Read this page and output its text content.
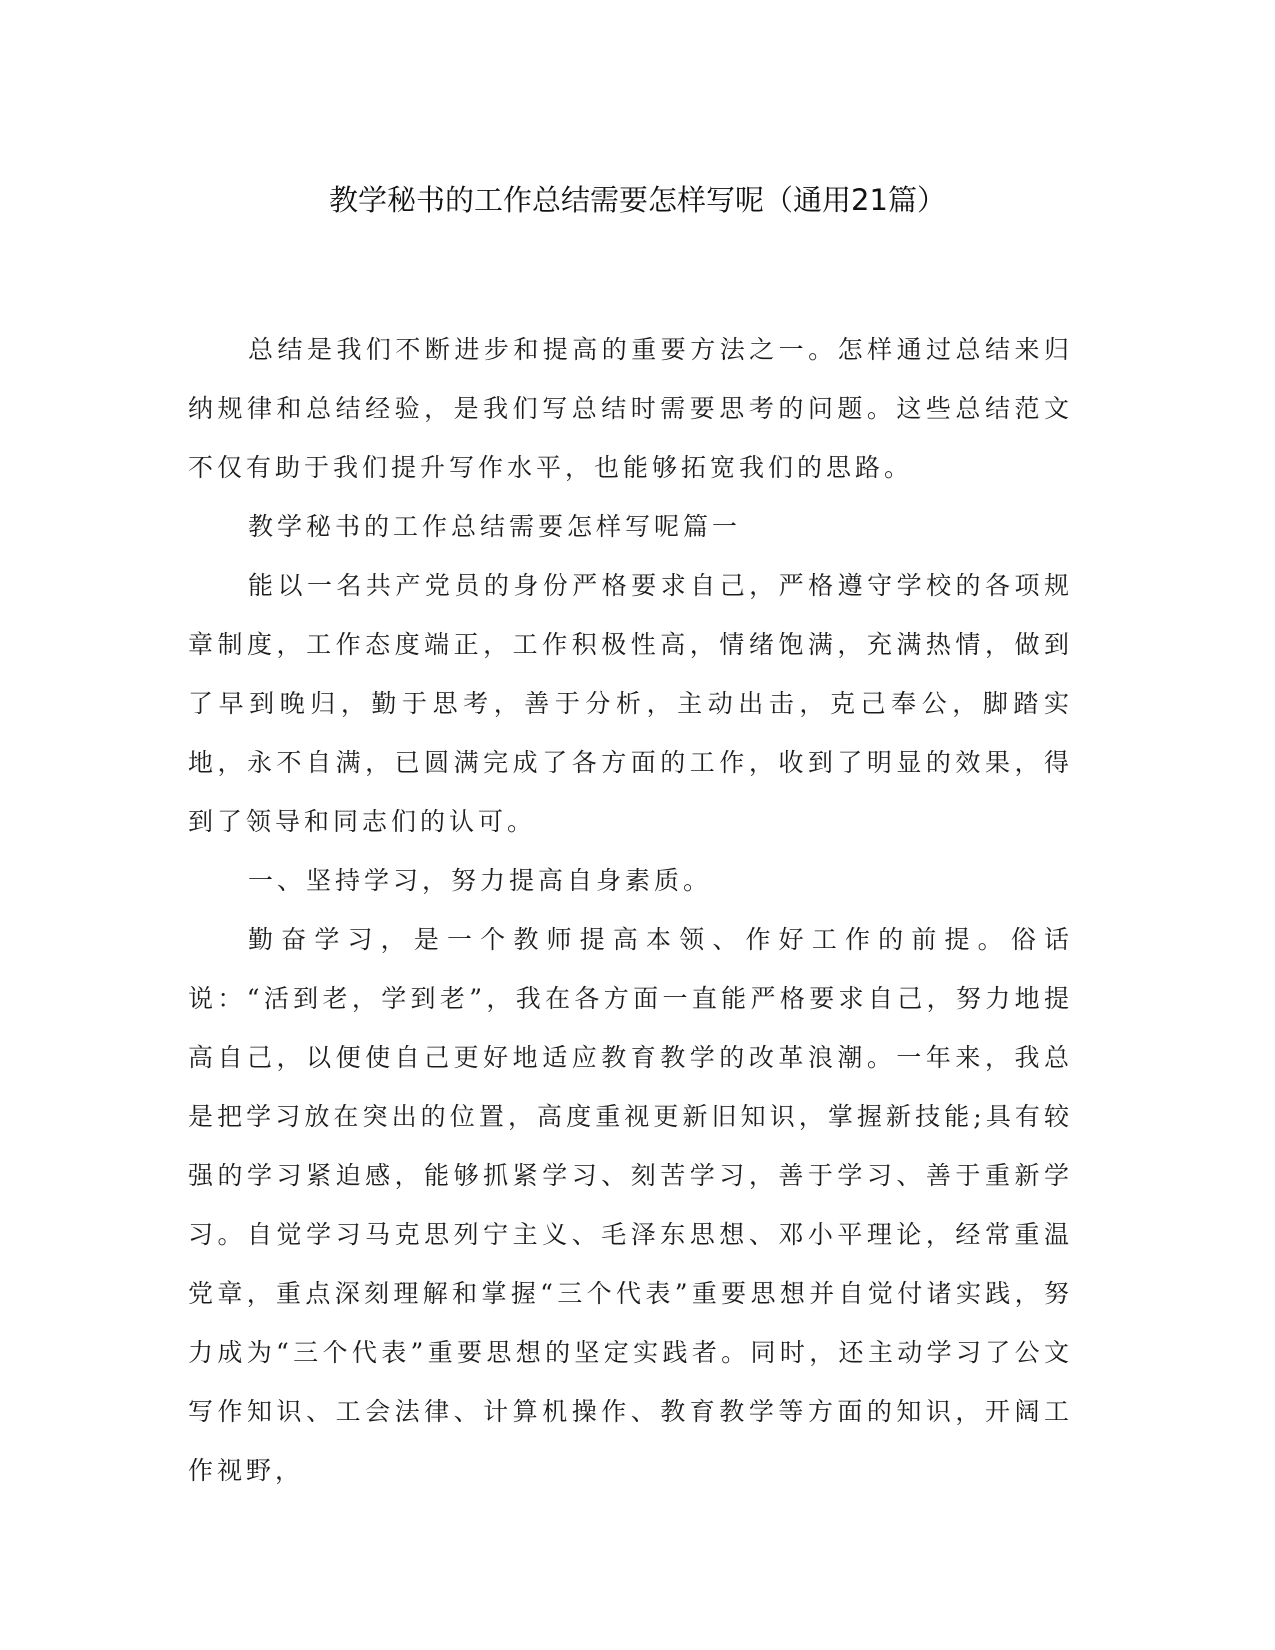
教学秘书的工作总结需要怎样写呢（通用21篇）

总结是我们不断进步和提高的重要方法之一。怎样通过总结来归纳规律和总结经验，是我们写总结时需要思考的问题。这些总结范文不仅有助于我们提升写作水平，也能够拓宽我们的思路。

教学秘书的工作总结需要怎样写呢篇一

能以一名共产党员的身份严格要求自己，严格遵守学校的各项规章制度，工作态度端正，工作积极性高，情绪饱满，充满热情，做到了早到晚归，勤于思考，善于分析，主动出击，克己奉公，脚踏实地，永不自满，已圆满完成了各方面的工作，收到了明显的效果，得到了领导和同志们的认可。

一、坚持学习，努力提高自身素质。

勤奋学习，是一个教师提高本领、作好工作的前提。俗话说：“活到老，学到老”，我在各方面一直能严格要求自己，努力地提高自己，以便使自己更好地适应教育教学的改革浪潮。一年来，我总是把学习放在突出的位置，高度重视更新旧知识，掌握新技能;具有较强的学习紧迫感，能够抓紧学习、刻苦学习，善于学习、善于重新学习。自觉学习马克思列宁主义、毛泽东思想、邓小平理论，经常重温党章，重点深刻理解和掌握“三个代表”重要思想并自觉付诸实践，努力成为“三个代表”重要思想的坚定实践者。同时，还主动学习了公文写作知识、工会法律、计算机操作、教育教学等方面的知识，开阔工作视野，
